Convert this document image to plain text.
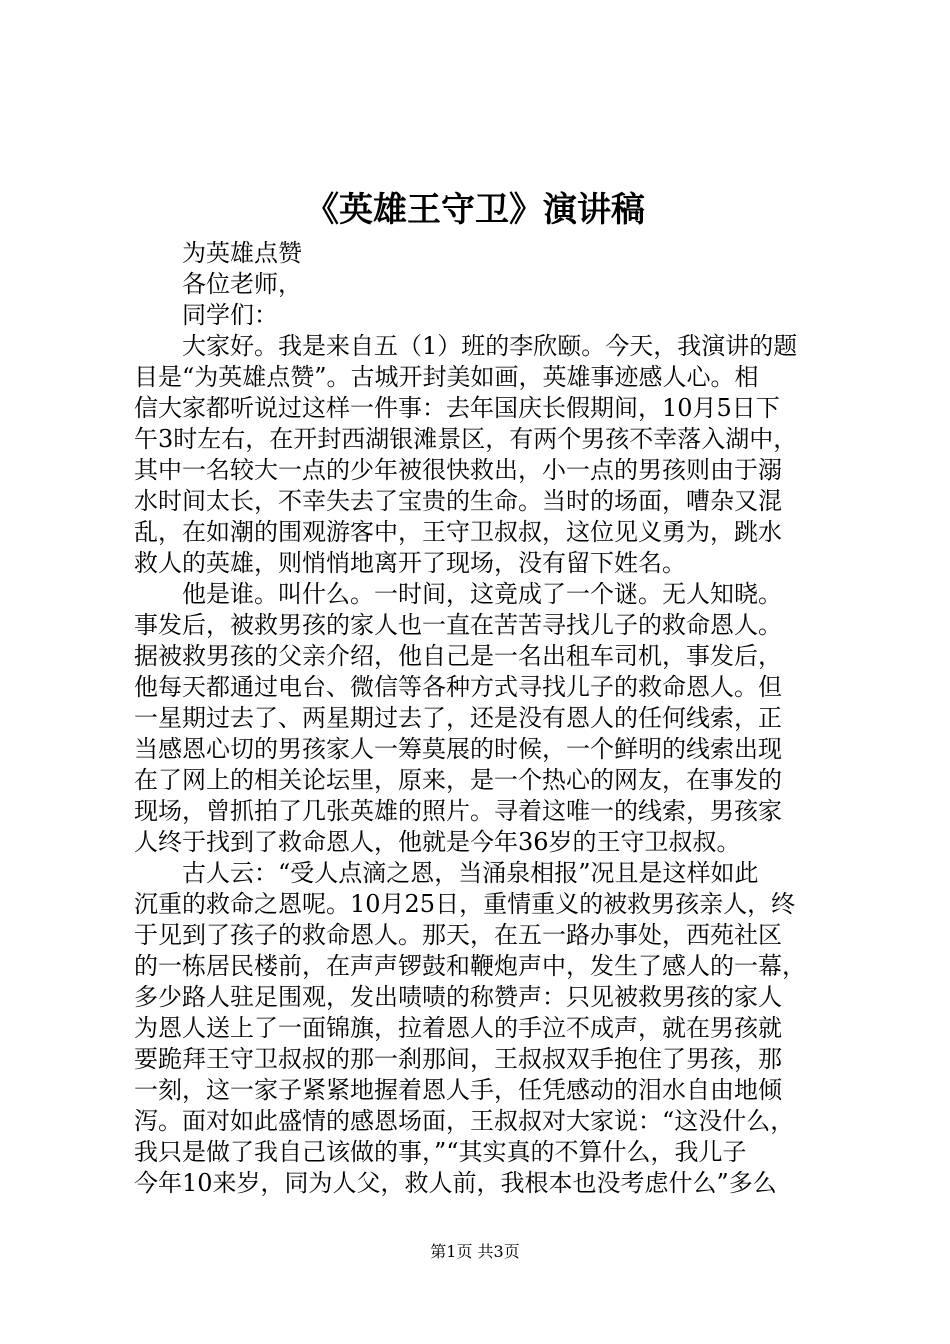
《英雄王守卫》演讲稿
为英雄点赞
各位老师，
同学们：
大家好。我是来自五（1）班的李欣颐。今天，我演讲的题
目是“为英雄点赞”。古城开封美如画，英雄事迹感人心。相
信大家都听说过这样一件事：去年国庆长假期间，10月5日下
午3时左右，在开封西湖银滩景区，有两个男孩不幸落入湖中，
其中一名较大一点的少年被很快救出，小一点的男孩则由于溺
水时间太长，不幸失去了宝贵的生命。当时的场面，嘈杂又混
乱，在如潮的围观游客中，王守卫叔叔，这位见义勇为，跳水
救人的英雄，则悄悄地离开了现场，没有留下姓名。
他是谁。叫什么。一时间，这竟成了一个谜。无人知晓。
事发后，被救男孩的家人也一直在苦苦寻找儿子的救命恩人。
据被救男孩的父亲介绍，他自己是一名出租车司机，事发后，
他每天都通过电台、微信等各种方式寻找儿子的救命恩人。但
一星期过去了、两星期过去了，还是没有恩人的任何线索，正
当感恩心切的男孩家人一筹莫展的时候，一个鲜明的线索出现
在了网上的相关论坛里，原来，是一个热心的网友，在事发的
现场，曾抓拍了几张英雄的照片。寻着这唯一的线索，男孩家
人终于找到了救命恩人，他就是今年36岁的王守卫叔叔。
古人云：“受人点滴之恩，当涌泉相报”况且是这样如此
沉重的救命之恩呢。10月25日，重情重义的被救男孩亲人，终
于见到了孩子的救命恩人。那天，在五一路办事处，西苑社区
的一栋居民楼前，在声声锣鼓和鞭炮声中，发生了感人的一幕，
多少路人驻足围观，发出啧啧的称赞声：只见被救男孩的家人
为恩人送上了一面锦旗，拉着恩人的手泣不成声，就在男孩就
要跪拜王守卫叔叔的那一刹那间，王叔叔双手抱住了男孩，那
一刻，这一家子紧紧地握着恩人手，任凭感动的泪水自由地倾
泻。面对如此盛情的感恩场面，王叔叔对大家说：“这没什么，
我只是做了我自己该做的事，”“其实真的不算什么，我儿子
今年10来岁，同为人父，救人前，我根本也没考虑什么”多么
第1页 共3页
